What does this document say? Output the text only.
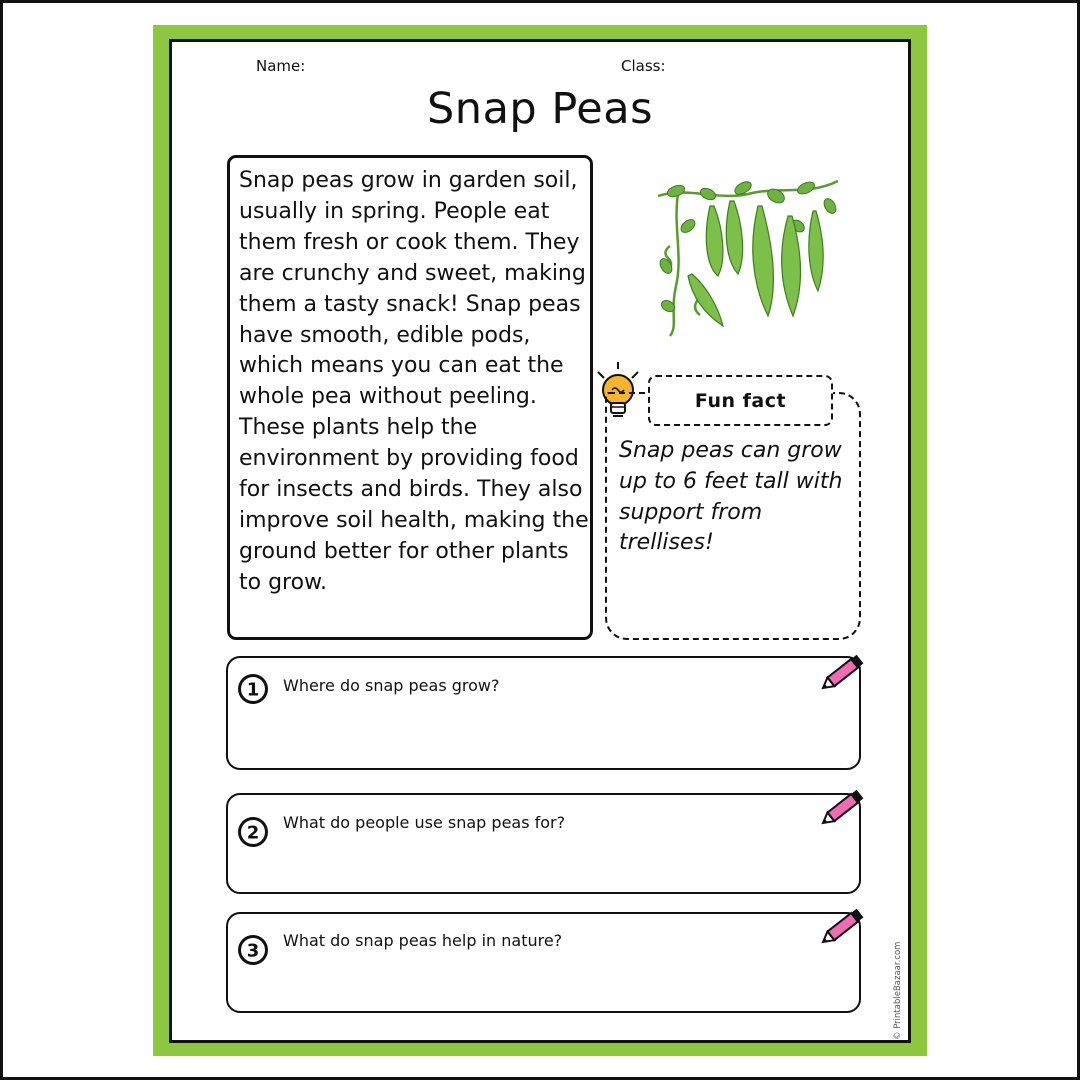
Name:	Class:
Snap Peas

Snap peas grow in garden soil, usually in spring. People eat them fresh or cook them. They are crunchy and sweet, making them a tasty snack! Snap peas have smooth, edible pods, which means you can eat the whole pea without peeling. These plants help the environment by providing food for insects and birds. They also improve soil health, making the ground better for other plants to grow.

Fun fact

Snap peas can grow up to 6 feet tall with support from trellises!

1 Where do snap peas grow?
2 What do people use snap peas for?
3 What do snap peas help in nature?
© PrintableBazaar.com
